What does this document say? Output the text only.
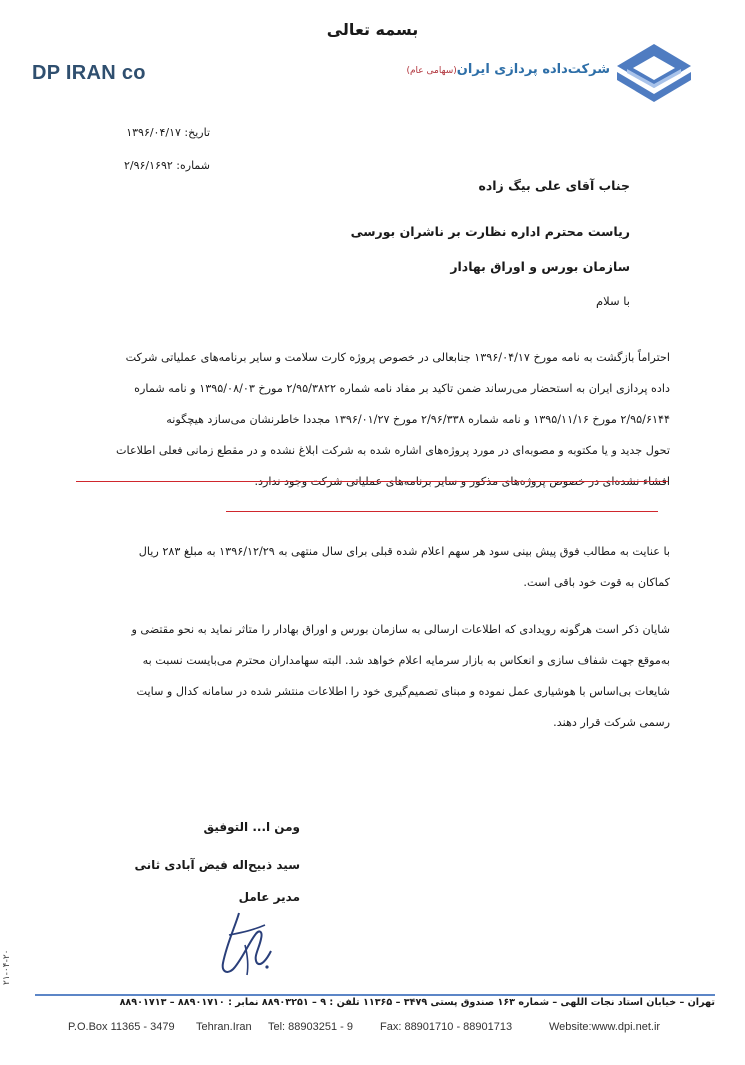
بسمه تعالی
DP IRAN co	شرکت‌داده پردازی ایران(سهامی عام)
تاریخ: ۱۳۹۶/۰۴/۱۷
شماره: ۲/۹۶/۱۶۹۲
جناب آقای علی بیگ زاده
ریاست محترم اداره نظارت بر ناشران بورسی
سازمان بورس و اوراق بهادار
با سلام

احتراماً بازگشت به نامه مورخ ۱۳۹۶/۰۴/۱۷ جنابعالی در خصوص پروژه کارت سلامت و سایر برنامه‌های عملیاتی شرکت

داده پردازی ایران به استحضار می‌رساند ضمن تاکید بر مفاد نامه شماره ۲/۹۵/۳۸۲۲ مورخ ۱۳۹۵/۰۸/۰۳ و نامه شماره

۲/۹۵/۶۱۴۴ مورخ ۱۳۹۵/۱۱/۱۶ و نامه شماره ۲/۹۶/۳۳۸ مورخ ۱۳۹۶/۰۱/۲۷ مجددا خاطرنشان می‌سازد هیچگونه

تحول جدید و یا مکتوبه و مصوبه‌ای در مورد پروژه‌های اشاره شده به شرکت ابلاغ نشده و در مقطع زمانی فعلی اطلاعات

افشاء نشده‌ای در خصوص پروژه‌های مذکور و سایر برنامه‌های عملیاتی شرکت وجود ندارد.

با عنایت به مطالب فوق پیش بینی سود هر سهم اعلام شده قبلی برای سال منتهی به ۱۳۹۶/۱۲/۲۹ به مبلغ ۲۸۳ ریال

کماکان به قوت خود باقی است.

شایان ذکر است هرگونه رویدادی که اطلاعات ارسالی به سازمان بورس و اوراق بهادار را متاثر نماید به نحو مقتضی و

به‌موقع جهت شفاف سازی و انعکاس به بازار سرمایه اعلام خواهد شد. البته سهامداران محترم می‌بایست نسبت به

شایعات بی‌اساس با هوشیاری عمل نموده و مبنای تصمیم‌گیری خود را اطلاعات منتشر شده در سامانه کدال و سایت

رسمی شرکت قرار دهند.

ومن ا... التوفیق
سید ذبیح‌اله فیض آبادی ثانی
مدیر عامل
۲۱-۰۴-۲۰
تهران – خیابان استاد نجات اللهی – شماره ۱۶۳ صندوق پستی ۳۴۷۹ – ۱۱۳۶۵ تلفن : ۹ – ۸۸۹۰۳۲۵۱ نمابر : ۸۸۹۰۱۷۱۰ – ۸۸۹۰۱۷۱۳
P.O.Box 11365 - 3479 Tehran.Iran Tel: 88903251 - 9 Fax: 88901710 - 88901713	Website:www.dpi.net.ir
